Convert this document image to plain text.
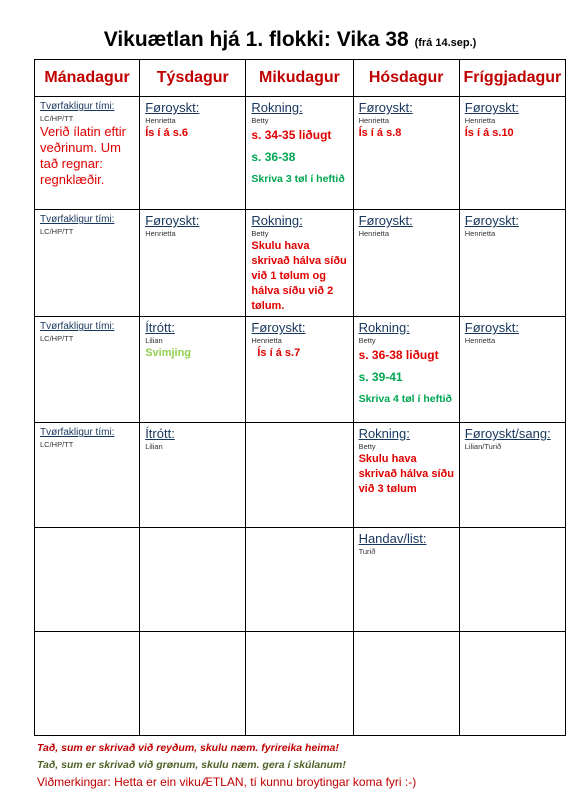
Vikuætlan hjá 1. flokki: Vika 38 (frá 14.sep.)
Mánadagur	Týsdagur	Mikudagur	Hósdagur	Fríggjadagur

Tvørfakligur tími:
LC/HP/TT
Verið ílatin eftir veðrinum. Um tað regnar: regnklæðir.	Føroyskt:
Henrietta
Ís í á s.6	Rokning:
Betty
s. 34-35 liðugt
s. 36-38
Skriva 3 tøl í heftið	Føroyskt:
Henrietta
Ís í á s.8	Føroyskt:
Henrietta
Ís í á s.10

Tvørfakligur tími:
LC/HP/TT	Føroyskt:
Henrietta	Rokning:
Betty
Skulu hava skrivað hálva síðu við 1 tølum og hálva síðu við 2 tølum.	Føroyskt:
Henrietta	Føroyskt:
Henrietta

Tvørfakligur tími:
LC/HP/TT	Ítrótt:
Lilian
Svimjing	Føroyskt:
Henrietta
Ís í á s.7	Rokning:
Betty
s. 36-38 liðugt
s. 39-41
Skriva 4 tøl í heftið	Føroyskt:
Henrietta

Tvørfakligur tími:
LC/HP/TT	Ítrótt:
Lilian		Rokning:
Betty
Skulu hava skrivað hálva síðu við 3 tølum	Føroyskt/sang:
Lilian/Turið

			Handav/list:
Turið	

Tað, sum er skrivað við reyðum, skulu næm. fyrireika heima!
Tað, sum er skrivað við grønum, skulu næm. gera í skúlanum!
Viðmerkingar: Hetta er ein vikuÆTLAN, tí kunnu broytingar koma fyri :-)
